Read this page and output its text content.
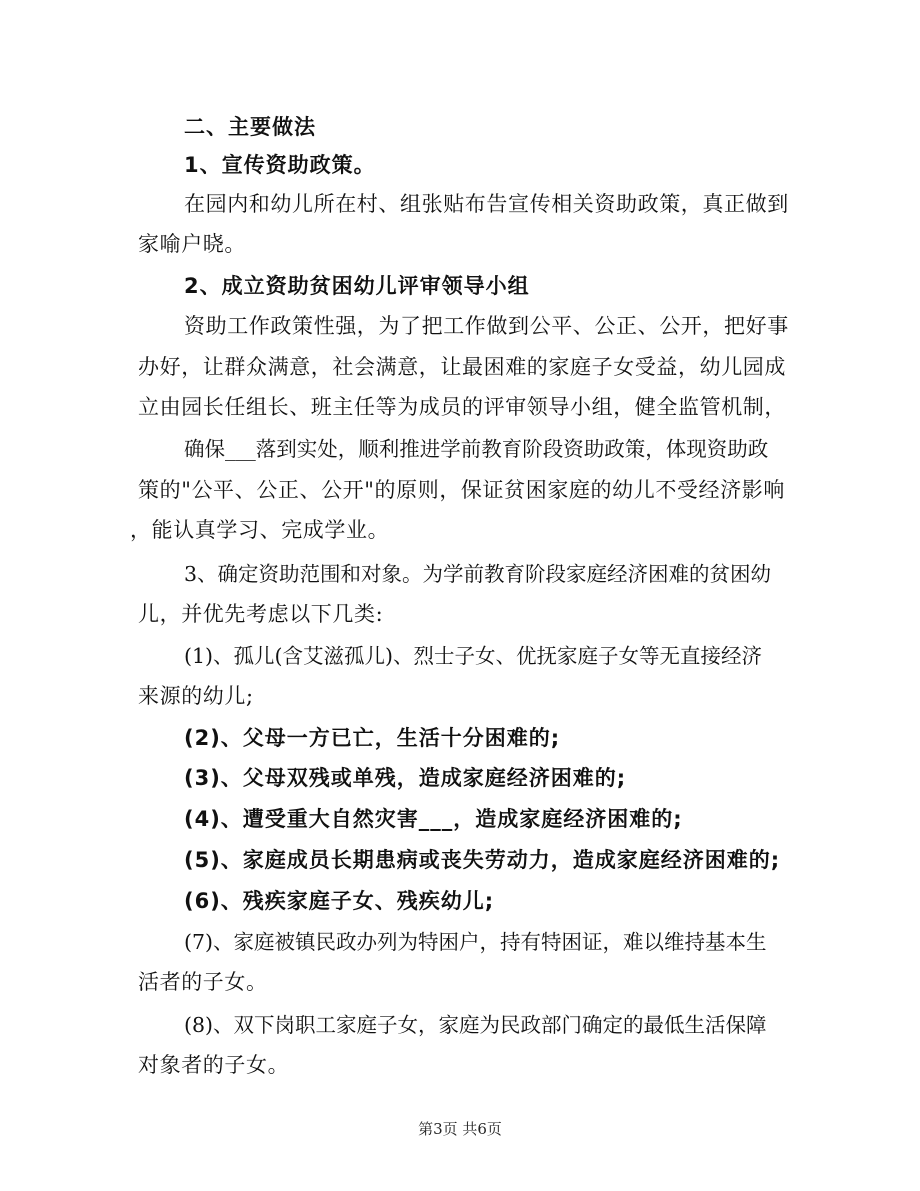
二、主要做法
1、宣传资助政策。
在园内和幼儿所在村、组张贴布告宣传相关资助政策，真正做到
家喻户晓。
2、成立资助贫困幼儿评审领导小组
资助工作政策性强，为了把工作做到公平、公正、公开，把好事
办好，让群众满意，社会满意，让最困难的家庭子女受益，幼儿园成
立由园长任组长、班主任等为成员的评审领导小组，健全监管机制，
确保___落到实处，顺利推进学前教育阶段资助政策，体现资助政
策的"公平、公正、公开"的原则，保证贫困家庭的幼儿不受经济影响
，能认真学习、完成学业。
3、确定资助范围和对象。为学前教育阶段家庭经济困难的贫困幼
儿，并优先考虑以下几类:
(1)、孤儿(含艾滋孤儿)、烈士子女、优抚家庭子女等无直接经济
来源的幼儿;
(2)、父母一方已亡，生活十分困难的;
(3)、父母双残或单残，造成家庭经济困难的;
(4)、遭受重大自然灾害___，造成家庭经济困难的;
(5)、家庭成员长期患病或丧失劳动力，造成家庭经济困难的;
(6)、残疾家庭子女、残疾幼儿;
(7)、家庭被镇民政办列为特困户，持有特困证，难以维持基本生
活者的子女。
(8)、双下岗职工家庭子女，家庭为民政部门确定的最低生活保障
对象者的子女。
第3页 共6页
